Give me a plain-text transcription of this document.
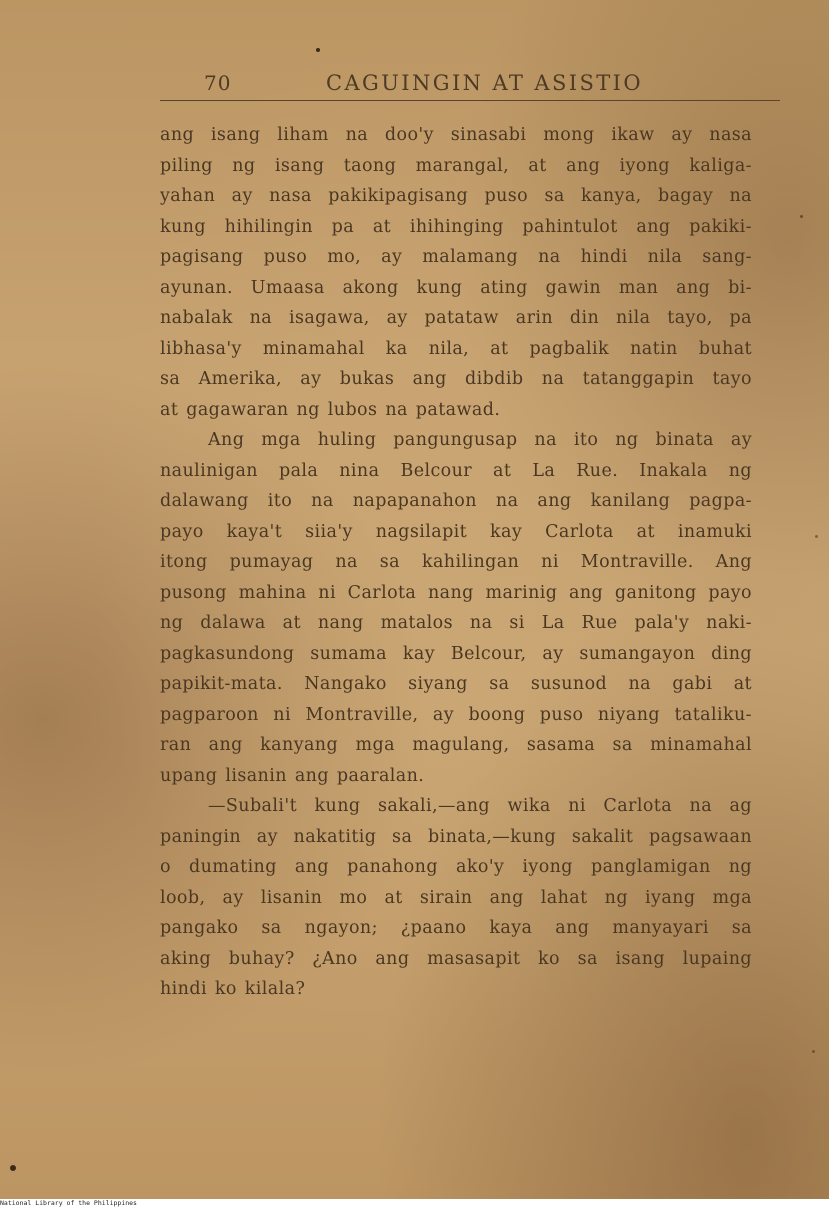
70	CAGUINGIN AT ASISTIO
ang isang liham na doo'y sinasabi mong ikaw ay nasa
piling ng isang taong marangal, at ang iyong kaliga-
yahan ay nasa pakikipagisang puso sa kanya, bagay na
kung hihilingin pa at ihihinging pahintulot ang pakiki-
pagisang puso mo, ay malamang na hindi nila sang-
ayunan. Umaasa akong kung ating gawin man ang bi-
nabalak na isagawa, ay patataw arin din nila tayo, pa
libhasa'y minamahal ka nila, at pagbalik natin buhat
sa Amerika, ay bukas ang dibdib na tatanggapin tayo
at gagawaran ng lubos na patawad.
Ang mga huling pangungusap na ito ng binata ay
naulinigan pala nina Belcour at La Rue. Inakala ng
dalawang ito na napapanahon na ang kanilang pagpa-
payo kaya't siia'y nagsilapit kay Carlota at inamuki
itong pumayag na sa kahilingan ni Montraville. Ang
pusong mahina ni Carlota nang marinig ang ganitong payo
ng dalawa at nang matalos na si La Rue pala'y naki-
pagkasundong sumama kay Belcour, ay sumangayon ding
papikit-mata. Nangako siyang sa susunod na gabi at
pagparoon ni Montraville, ay boong puso niyang tataliku-
ran ang kanyang mga magulang, sasama sa minamahal
upang lisanin ang paaralan.
—Subali't kung sakali,—ang wika ni Carlota na ag
paningin ay nakatitig sa binata,—kung sakalit pagsawaan
o dumating ang panahong ako'y iyong panglamigan ng
loob, ay lisanin mo at sirain ang lahat ng iyang mga
pangako sa ngayon; ¿paano kaya ang manyayari sa
aking buhay? ¿Ano ang masasapit ko sa isang lupaing
hindi ko kilala?
National Library of the Philippines
